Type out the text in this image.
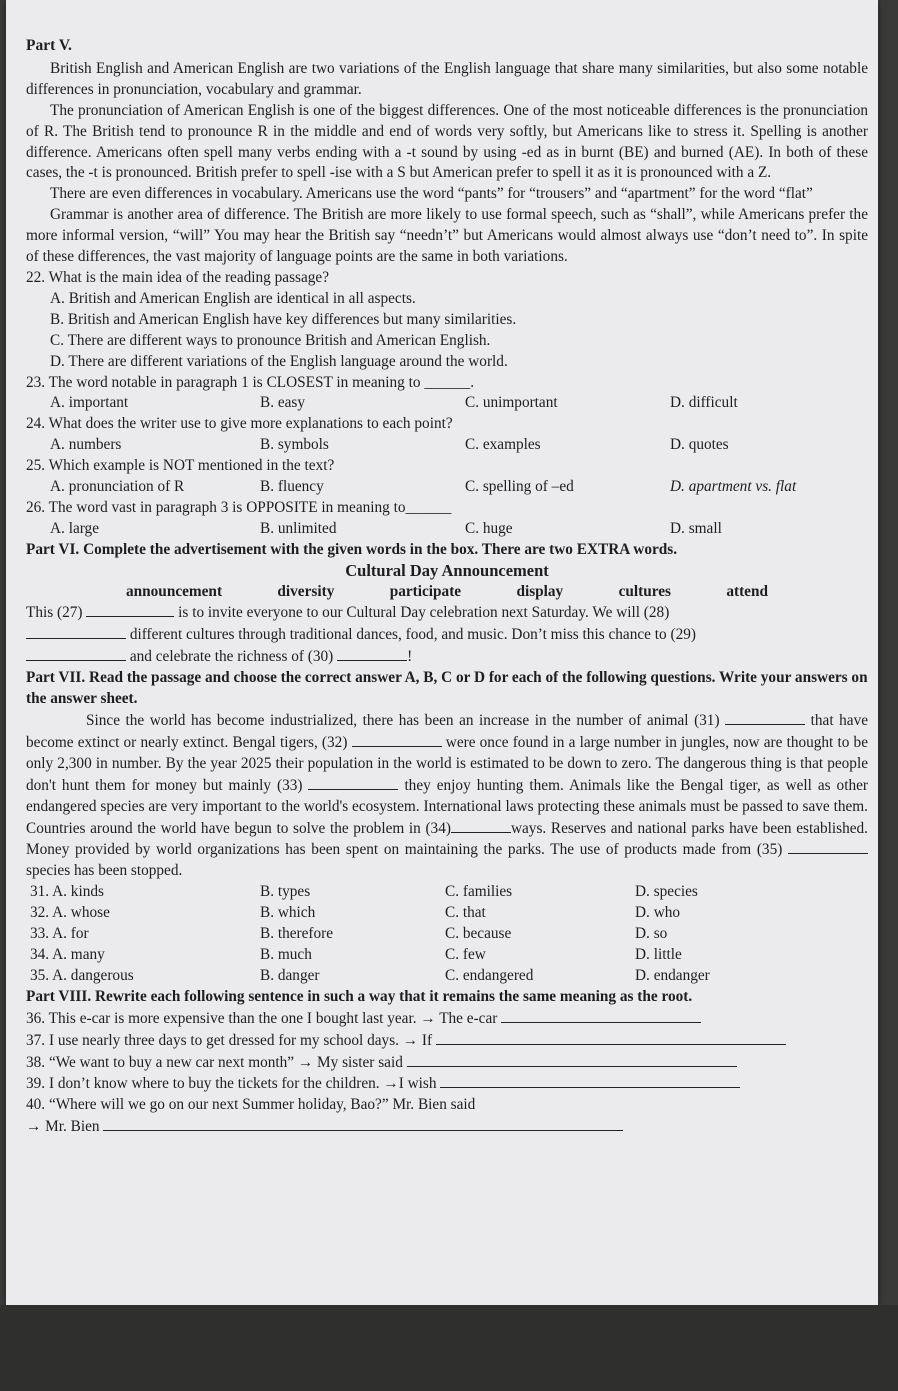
Part V.

British English and American English are two variations of the English language that share many similarities, but also some notable differences in pronunciation, vocabulary and grammar.

The pronunciation of American English is one of the biggest differences. One of the most noticeable differences is the pronunciation of R. The British tend to pronounce R in the middle and end of words very softly, but Americans like to stress it. Spelling is another difference. Americans often spell many verbs ending with a -t sound by using -ed as in burnt (BE) and burned (AE). In both of these cases, the -t is pronounced. British prefer to spell -ise with a S but American prefer to spell it as it is pronounced with a Z.

There are even differences in vocabulary. Americans use the word “pants” for “trousers” and “apartment” for the word “flat”

Grammar is another area of difference. The British are more likely to use formal speech, such as “shall”, while Americans prefer the more informal version, “will” You may hear the British say “needn’t” but Americans would almost always use “don’t need to”. In spite of these differences, the vast majority of language points are the same in both variations.

22. What is the main idea of the reading passage?
A. British and American English are identical in all aspects.
B. British and American English have key differences but many similarities.
C. There are different ways to pronounce British and American English.
D. There are different variations of the English language around the world.
23. The word notable in paragraph 1 is CLOSEST in meaning to ______.
A. important	B. easy	C. unimportant	D. difficult
24. What does the writer use to give more explanations to each point?
A. numbers	B. symbols	C. examples	D. quotes
25. Which example is NOT mentioned in the text?
A. pronunciation of R	B. fluency	C. spelling of –ed	D. apartment vs. flat
26. The word vast in paragraph 3 is OPPOSITE in meaning to______
A. large	B. unlimited	C. huge	D. small
Part VI. Complete the advertisement with the given words in the box. There are two EXTRA words.
Cultural Day Announcement
announcement	diversity	participate	display	cultures	attend

This (27)	is to invite everyone to our Cultural Day celebration next Saturday. We will (28)

different cultures through traditional dances, food, and music. Don’t miss this chance to (29)

and celebrate the richness of (30)	!

Part VII. Read the passage and choose the correct answer A, B, C or D for each of the following questions. Write your answers on the answer sheet.

Since the world has become industrialized, there has been an increase in the number of animal (31)	that have become extinct or nearly extinct. Bengal tigers, (32)	were once found in a large number in jungles, now are thought to be only 2,300 in number. By the year 2025 their population in the world is estimated to be down to zero. The dangerous thing is that people don't hunt them for money but mainly (33)	they enjoy hunting them. Animals like the Bengal tiger, as well as other endangered species are very important to the world's ecosystem. International laws protecting these animals must be passed to save them. Countries around the world have begun to solve the problem in (34)	ways. Reserves and national parks have been established. Money provided by world organizations has been spent on maintaining the parks. The use of products made from (35)  species has been stopped.

31. A. kinds	B. types	C. families	D. species
32. A. whose	B. which	C. that	D. who
33. A. for	B. therefore	C. because	D. so
34. A. many	B. much	C. few	D. little
35. A. dangerous	B. danger	C. endangered	D. endanger
Part VIII. Rewrite each following sentence in such a way that it remains the same meaning as the root.
36. This e-car is more expensive than the one I bought last year. → The e-car
37. I use nearly three days to get dressed for my school days. → If
38. “We want to buy a new car next month” → My sister said
39. I don’t know where to buy the tickets for the children. →I wish
40. “Where will we go on our next Summer holiday, Bao?” Mr. Bien said
→ Mr. Bien
